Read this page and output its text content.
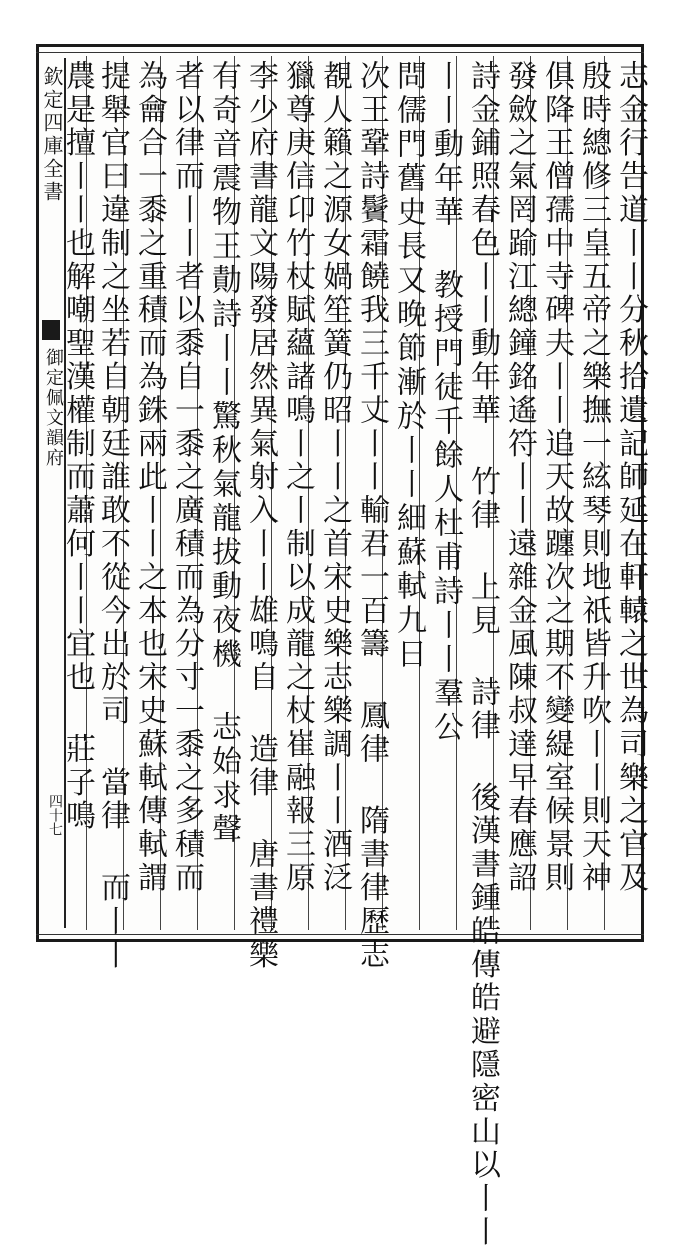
欽定四庫全書
御定佩文韻府
四十七	志金行告道丨丨分秋拾遺記師延在軒轅之世為司樂之官及
殷時總修三皇五帝之樂撫一絃琴則地祇皆升吹丨丨則天神
俱降王僧孺中寺碑夫丨丨追天故躔次之期不變緹室候景則
發斂之氣罔踰江總鐘銘遙符丨丨遠雜金風陳叔達早春應詔
詩金鋪照春色丨丨動年華 竹律 上見 詩律 後漢書鍾皓傳皓避隱密山以丨丨
丨丨動年華 教授門徒千餘人杜甫詩丨丨羣公
問儒門舊史長又晚節漸於丨丨細蘇軾九日
次王鞏詩鬢霜饒我三千丈丨丨輸君一百籌 鳳律 隋書律歷志
覩人籟之源女媧笙簧仍昭丨丨之首宋史樂志樂調丨丨酒泛
獵尊庚信卬竹杖賦蘊諸鳴丨之丨制以成龍之杖崔融報三原
李少府書龍文陽發居然異氣射入丨丨雄鳴自 造律 唐書禮樂
有奇音震物王勣詩丨丨驚秋氣龍拔動夜機 志始求聲
者以律而丨丨者以黍自一黍之廣積而為分寸一黍之多積而
為龠合一黍之重積而為銖兩此丨丨之本也宋史蘇軾傳軾謂
提舉官曰違制之坐若自朝廷誰敢不從今出於司 當律 而丨丨
農是擅丨丨也解嘲聖漢權制而蕭何丨丨宜也 莊子鳴
